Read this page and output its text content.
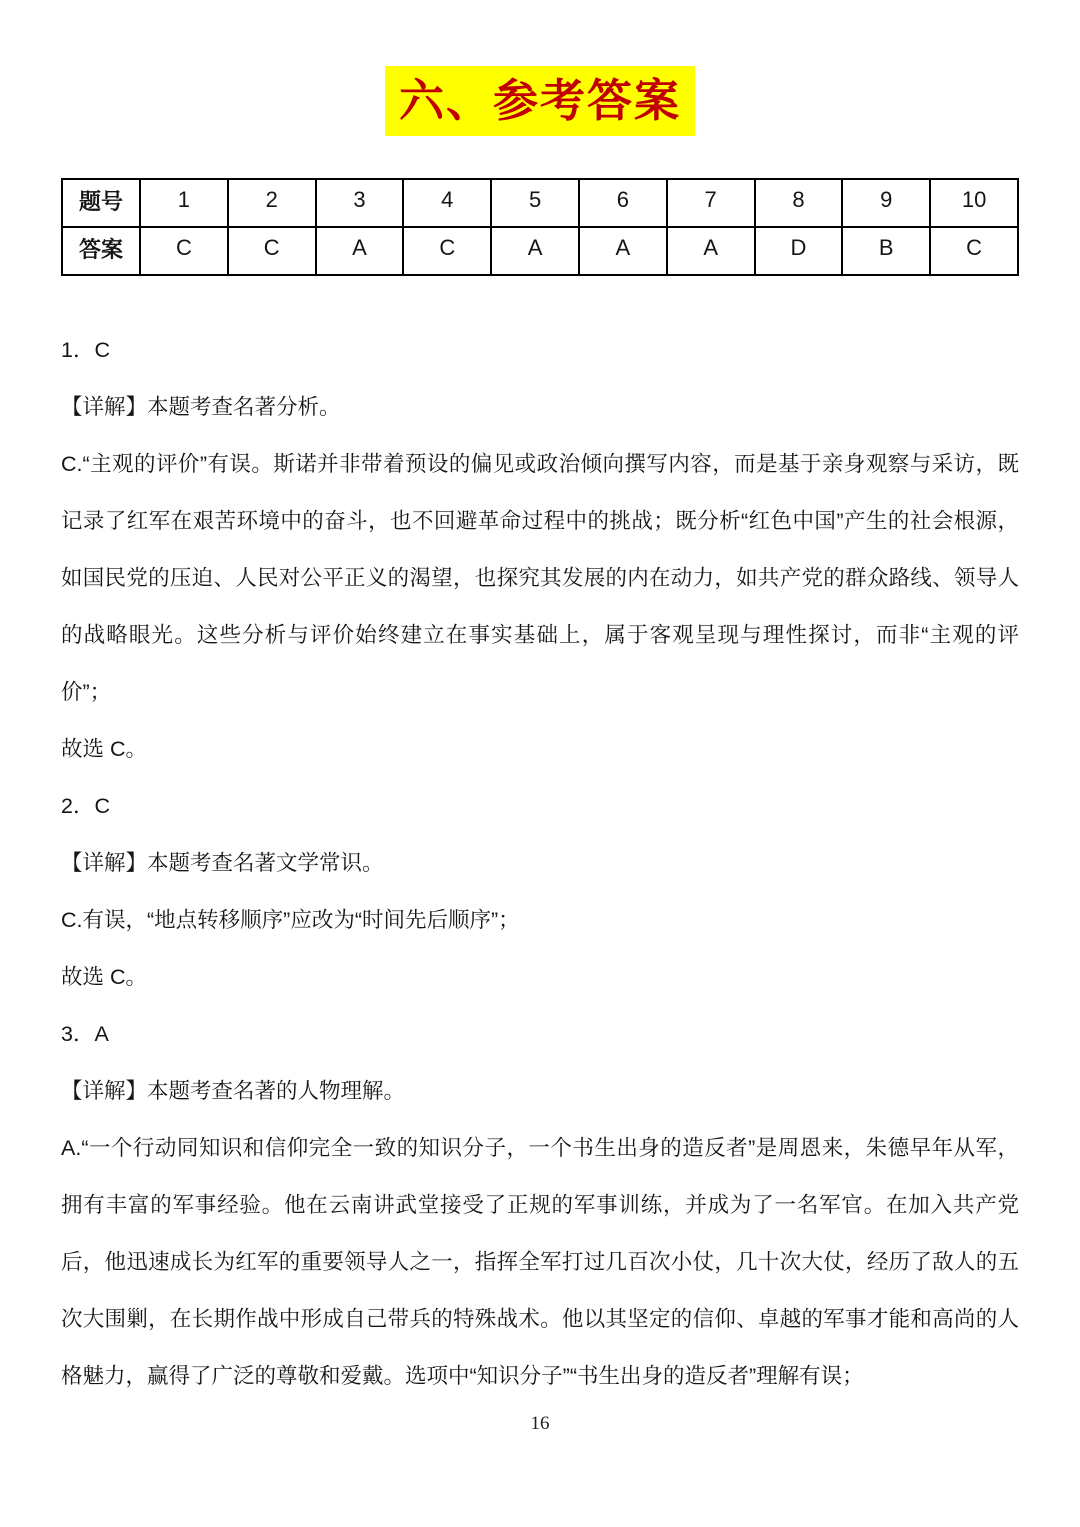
六、参考答案
题号	1	2	3	4	5	6	7	8	9	10
答案	C	C	A	C	A	A	A	D	B	C

1．C

【详解】本题考查名著分析。

C.“主观的评价”有误。斯诺并非带着预设的偏见或政治倾向撰写内容，而是基于亲身观察与采访，既记录了红军在艰苦环境中的奋斗，也不回避革命过程中的挑战；既分析“红色中国”产生的社会根源，如国民党的压迫、人民对公平正义的渴望，也探究其发展的内在动力，如共产党的群众路线、领导人的战略眼光。这些分析与评价始终建立在事实基础上，属于客观呈现与理性探讨，而非“主观的评价”；

故选 C。

2．C

【详解】本题考查名著文学常识。

C.有误，“地点转移顺序”应改为“时间先后顺序”；

故选 C。

3．A

【详解】本题考查名著的人物理解。

A.“一个行动同知识和信仰完全一致的知识分子，一个书生出身的造反者”是周恩来，朱德早年从军，拥有丰富的军事经验。他在云南讲武堂接受了正规的军事训练，并成为了一名军官。在加入共产党后，他迅速成长为红军的重要领导人之一，指挥全军打过几百次小仗，几十次大仗，经历了敌人的五次大围剿，在长期作战中形成自己带兵的特殊战术。他以其坚定的信仰、卓越的军事才能和高尚的人格魅力，赢得了广泛的尊敬和爱戴。选项中“知识分子”“书生出身的造反者”理解有误；

16
